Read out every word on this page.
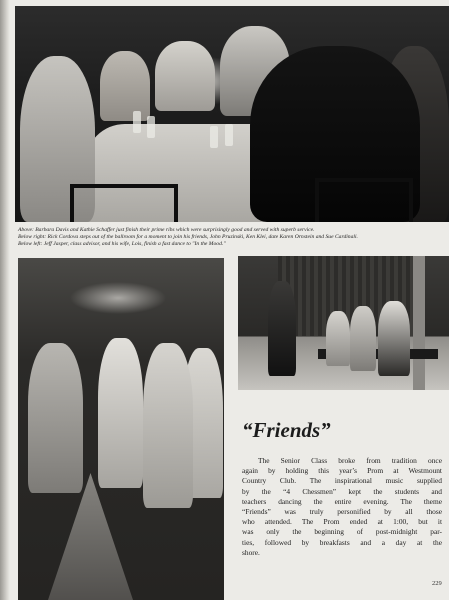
Above: Barbara Davis and Kathie Schaffer just finish their prime ribs which were surprisingly good and served with superb service.

Below right: Rick Cordova steps out of the ballroom for a moment to join his friends, John Pruzinski, Ken Klei, date Karen Ornstein and Sue Cardinali.

Below left: Jeff Jasper, class advisor, and his wife, Lois, finish a fast dance to "In the Mood."

“Friends”

The Senior Class broke from tradition once

again by holding this year’s Prom at Westmount

Country Club. The inspirational music supplied

by the “4 Chessmen” kept the students and

teachers dancing the entire evening. The theme

“Friends” was truly personified by all those

who attended. The Prom ended at 1:00, but it

was only the beginning of post-midnight par-

ties, followed by breakfasts and a day at the

shore.

229
